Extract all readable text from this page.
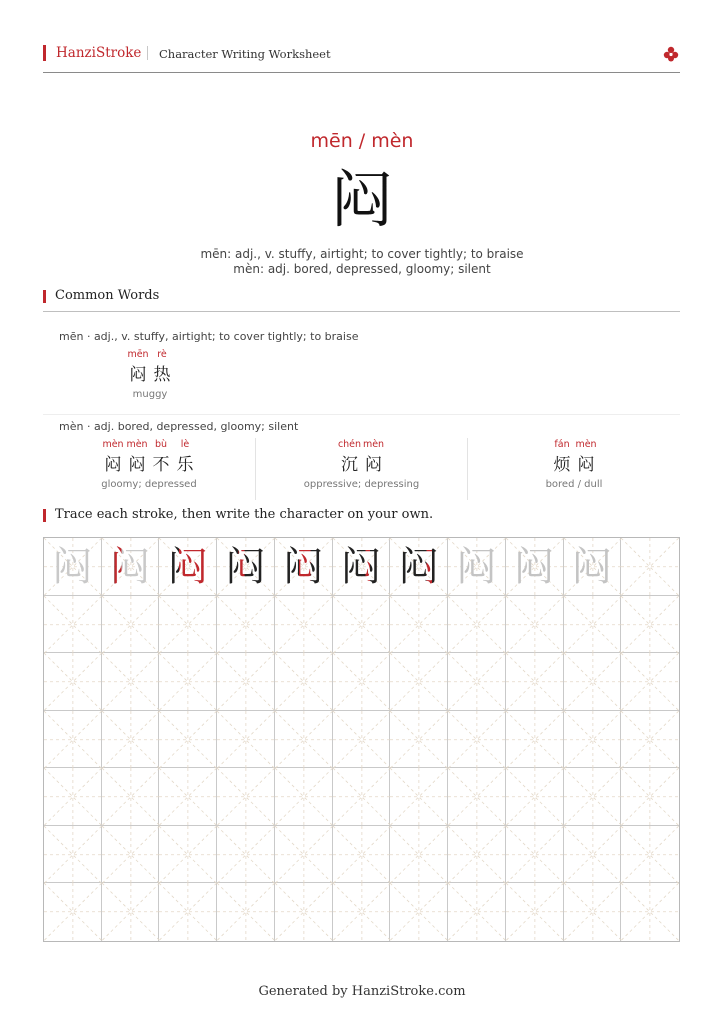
HanziStroke Character Writing Worksheet
mēn / mèn
闷
mēn: adj., v. stuffy, airtight; to cover tightly; to braise
mèn: adj. bored, depressed, gloomy; silent
Common Words
mēn · adj., v. stuffy, airtight; to cover tightly; to braise
mēn rè
闷 热
muggy
mèn · adj. bored, depressed, gloomy; silent
mèn mèn bù lè
闷 闷 不 乐
gloomy; depressed
chén mèn
沉 闷
oppressive; depressing
fán mèn
烦 闷
bored / dull
Trace each stroke, then write the character on your own.
闷 闷 闷 闷 闷 闷 闷 闷 闷 闷
Generated by HanziStroke.com
